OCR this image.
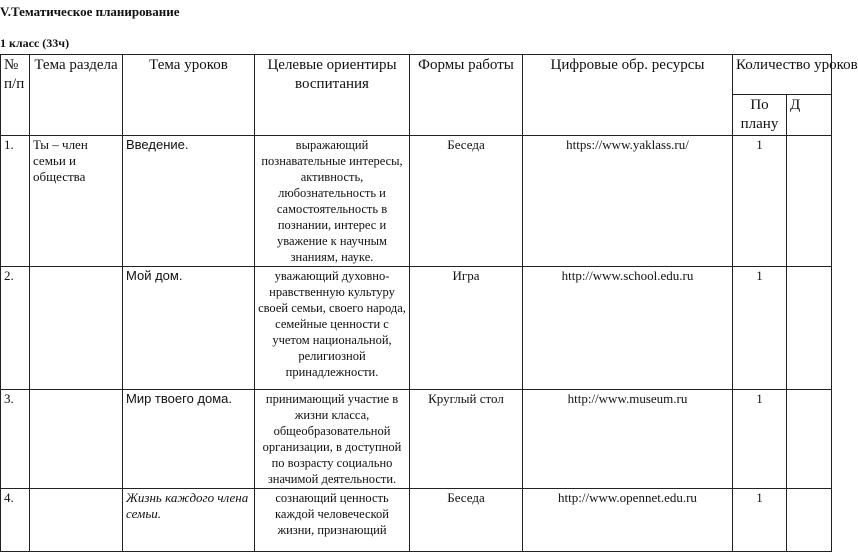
V.Тематическое планирование
1 класс (33ч)
№ п/п	Тема раздела	Тема уроков	Целевые ориентиры воспитания	Формы работы	Цифровые обр. ресурсы	Количество уроков	
						По плану	Д
1.	Ты – член семьи и общества	Введение.	выражающий познавательные интересы, активность, любознательность и самостоятельность в познании, интерес и уважение к научным знаниям, науке.	Беседа	https://www.yaklass.ru/	1	
2.		Мой дом.	уважающий духовно-нравственную культуру своей семьи, своего народа, семейные ценности с учетом национальной, религиозной принадлежности.	Игра	http://www.school.edu.ru	1	
3.		Мир твоего дома.	принимающий участие в жизни класса, общеобразовательной организации, в доступной по возрасту социально значимой деятельности.	Круглый стол	http://www.museum.ru	1	
4.		Жизнь каждого члена семьи.	сознающий ценность каждой человеческой жизни, признающий	Беседа	http://www.opennet.edu.ru	1	
